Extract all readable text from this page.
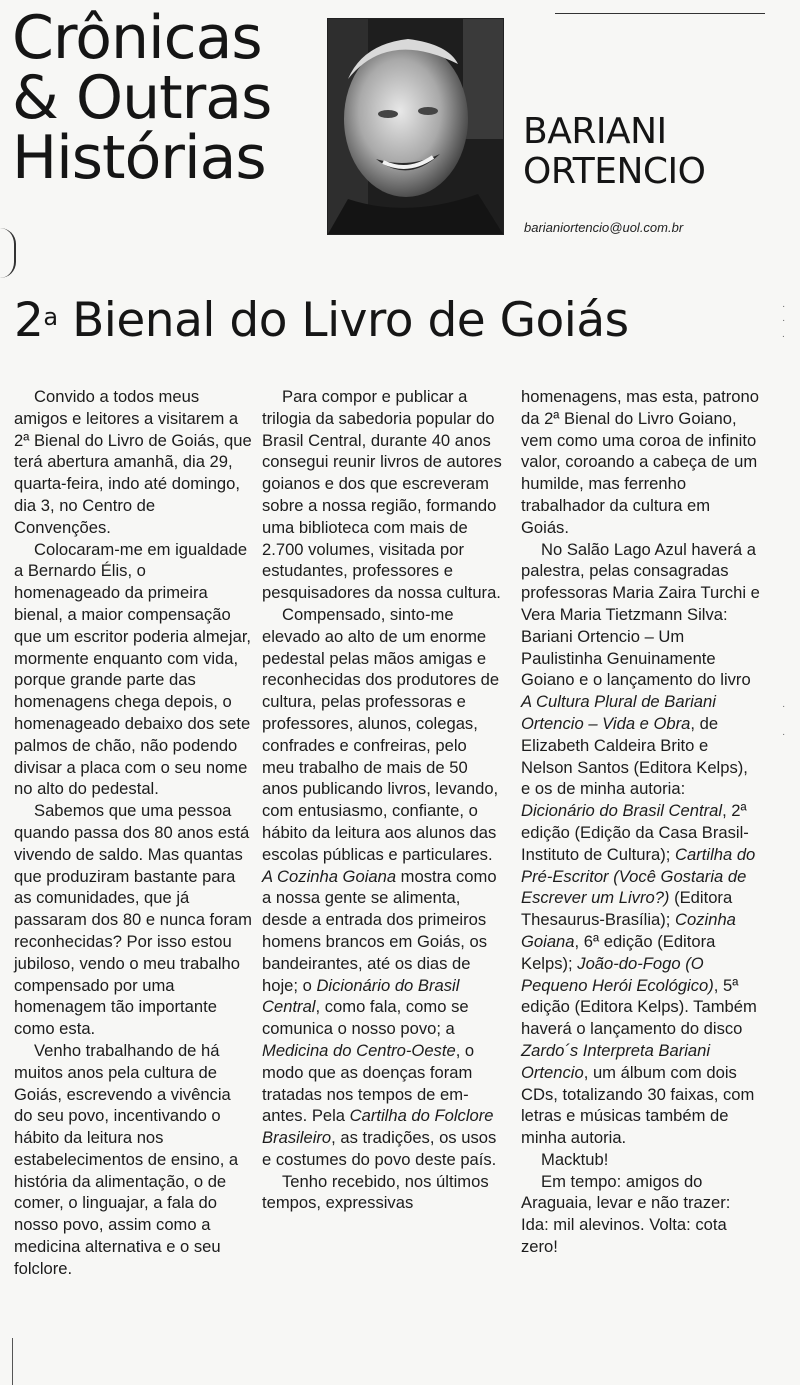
Crônicas
& Outras
Histórias	BARIANI
ORTENCIO
barianiortencio@uol.com.br
2$^a$ Bienal do Livro de Goiás

Convido a todos meus amigos e leitores a visitarem a 2ª Bienal do Livro de Goiás, que terá abertura amanhã, dia 29, quarta-feira, indo até domingo, dia 3, no Centro de Convenções.

Colocaram-me em igualdade a Bernardo Élis, o homenageado da primeira bienal, a maior compensação que um escritor poderia almejar, mormente enquanto com vida, porque grande parte das homenagens chega depois, o homenageado debaixo dos sete palmos de chão, não podendo divisar a placa com o seu nome no alto do pedestal.

Sabemos que uma pessoa quando passa dos 80 anos está vivendo de saldo. Mas quantas que produziram bastante para as comunidades, que já passaram dos 80 e nunca foram reconhecidas? Por isso estou jubiloso, vendo o meu trabalho compensado por uma homenagem tão importante como esta.

Venho trabalhando de há muitos anos pela cultura de Goiás, escrevendo a vivência do seu povo, incentivando o hábito da leitura nos estabelecimentos de ensino, a história da alimentação, o de comer, o linguajar, a fala do nosso povo, assim como a medicina alternativa e o seu folclore.

Para compor e publicar a trilogia da sabedoria popular do Brasil Central, durante 40 anos consegui reunir livros de autores goianos e dos que escreveram sobre a nossa região, formando uma biblioteca com mais de 2.700 volumes, visitada por estudantes, professores e pesquisadores da nossa cultura.

Compensado, sinto-me elevado ao alto de um enorme pedestal pelas mãos amigas e reconhecidas dos produtores de cultura, pelas professoras e professores, alunos, colegas, confrades e confreiras, pelo meu trabalho de mais de 50 anos publicando livros, levando, com entusiasmo, confiante, o hábito da leitura aos alunos das escolas públicas e particulares. A Cozinha Goiana mostra como a nossa gente se alimenta, desde a entrada dos primeiros homens brancos em Goiás, os bandeirantes, até os dias de hoje; o Dicionário do Brasil Central, como fala, como se comunica o nosso povo; a Medicina do Centro-Oeste, o modo que as doenças foram tratadas nos tempos de em-antes. Pela Cartilha do Folclore Brasileiro, as tradições, os usos e costumes do povo deste país.

Tenho recebido, nos últimos tempos, expressivas

homenagens, mas esta, patrono da 2ª Bienal do Livro Goiano, vem como uma coroa de infinito valor, coroando a cabeça de um humilde, mas ferrenho trabalhador da cultura em Goiás.

No Salão Lago Azul haverá a palestra, pelas consagradas professoras Maria Zaira Turchi e Vera Maria Tietzmann Silva: Bariani Ortencio – Um Paulistinha Genuinamente Goiano e o lançamento do livro A Cultura Plural de Bariani Ortencio – Vida e Obra, de Elizabeth Caldeira Brito e Nelson Santos (Editora Kelps), e os de minha autoria: Dicionário do Brasil Central, 2ª edição (Edição da Casa Brasil-Instituto de Cultura); Cartilha do Pré-Escritor (Você Gostaria de Escrever um Livro?) (Editora Thesaurus-Brasília); Cozinha Goiana, 6ª edição (Editora Kelps); João-do-Fogo (O Pequeno Herói Ecológico), 5ª edição (Editora Kelps). Também haverá o lançamento do disco Zardo´s Interpreta Bariani Ortencio, um álbum com dois CDs, totalizando 30 faixas, com letras e músicas também de minha autoria.

Macktub!

Em tempo: amigos do Araguaia, levar e não trazer: Ida: mil alevinos. Volta: cota zero!

·
·
.
·

·
